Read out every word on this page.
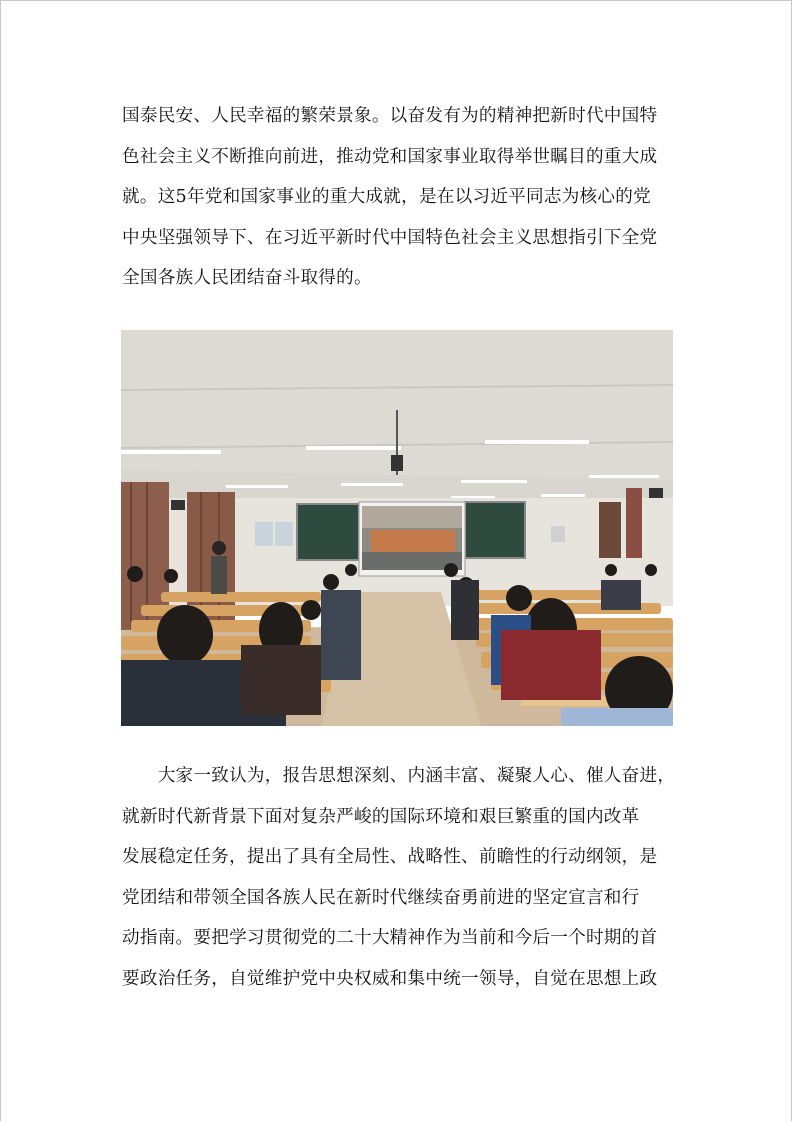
国泰民安、人民幸福的繁荣景象。以奋发有为的精神把新时代中国特

色社会主义不断推向前进，推动党和国家事业取得举世瞩目的重大成

就。这5年党和国家事业的重大成就，是在以习近平同志为核心的党

中央坚强领导下、在习近平新时代中国特色社会主义思想指引下全党

全国各族人民团结奋斗取得的。

　　大家一致认为，报告思想深刻、内涵丰富、凝聚人心、催人奋进，

就新时代新背景下面对复杂严峻的国际环境和艰巨繁重的国内改革

发展稳定任务，提出了具有全局性、战略性、前瞻性的行动纲领，是

党团结和带领全国各族人民在新时代继续奋勇前进的坚定宣言和行

动指南。要把学习贯彻党的二十大精神作为当前和今后一个时期的首

要政治任务，自觉维护党中央权威和集中统一领导，自觉在思想上政
